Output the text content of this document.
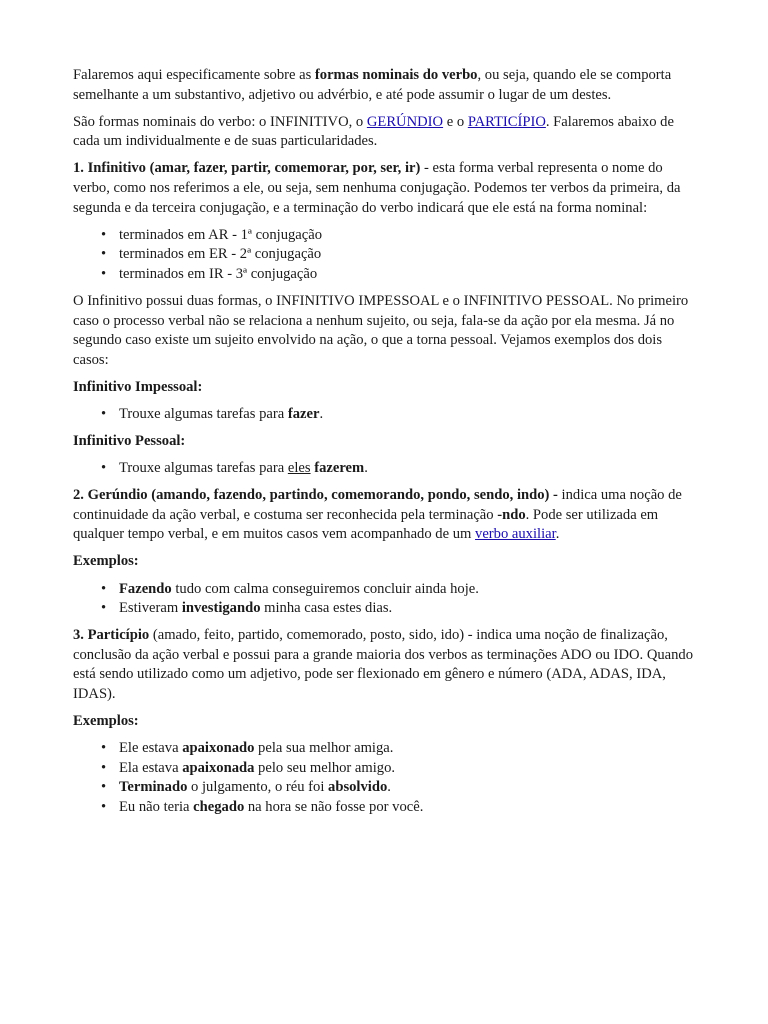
Falaremos aqui especificamente sobre as formas nominais do verbo, ou seja, quando ele se comporta semelhante a um substantivo, adjetivo ou advérbio, e até pode assumir o lugar de um destes.

São formas nominais do verbo: o INFINITIVO, o GERÚNDIO e o PARTICÍPIO. Falaremos abaixo de cada um individualmente e de suas particularidades.

1. Infinitivo (amar, fazer, partir, comemorar, por, ser, ir) - esta forma verbal representa o nome do verbo, como nos referimos a ele, ou seja, sem nenhuma conjugação. Podemos ter verbos da primeira, da segunda e da terceira conjugação, e a terminação do verbo indicará que ele está na forma nominal:

• terminados em AR - 1ª conjugação
• terminados em ER - 2ª conjugação
• terminados em IR - 3ª conjugação

O Infinitivo possui duas formas, o INFINITIVO IMPESSOAL e o INFINITIVO PESSOAL. No primeiro caso o processo verbal não se relaciona a nenhum sujeito, ou seja, fala-se da ação por ela mesma. Já no segundo caso existe um sujeito envolvido na ação, o que a torna pessoal. Vejamos exemplos dos dois casos:

Infinitivo Impessoal:

• Trouxe algumas tarefas para fazer.

Infinitivo Pessoal:

• Trouxe algumas tarefas para eles fazerem.

2. Gerúndio (amando, fazendo, partindo, comemorando, pondo, sendo, indo) - indica uma noção de continuidade da ação verbal, e costuma ser reconhecida pela terminação -ndo. Pode ser utilizada em qualquer tempo verbal, e em muitos casos vem acompanhado de um verbo auxiliar.

Exemplos:

• Fazendo tudo com calma conseguiremos concluir ainda hoje.
• Estiveram investigando minha casa estes dias.

3. Particípio (amado, feito, partido, comemorado, posto, sido, ido) - indica uma noção de finalização, conclusão da ação verbal e possui para a grande maioria dos verbos as terminações ADO ou IDO. Quando está sendo utilizado como um adjetivo, pode ser flexionado em gênero e número (ADA, ADAS, IDA, IDAS).

Exemplos:

• Ele estava apaixonado pela sua melhor amiga.
• Ela estava apaixonada pelo seu melhor amigo.
• Terminado o julgamento, o réu foi absolvido.
• Eu não teria chegado na hora se não fosse por você.
